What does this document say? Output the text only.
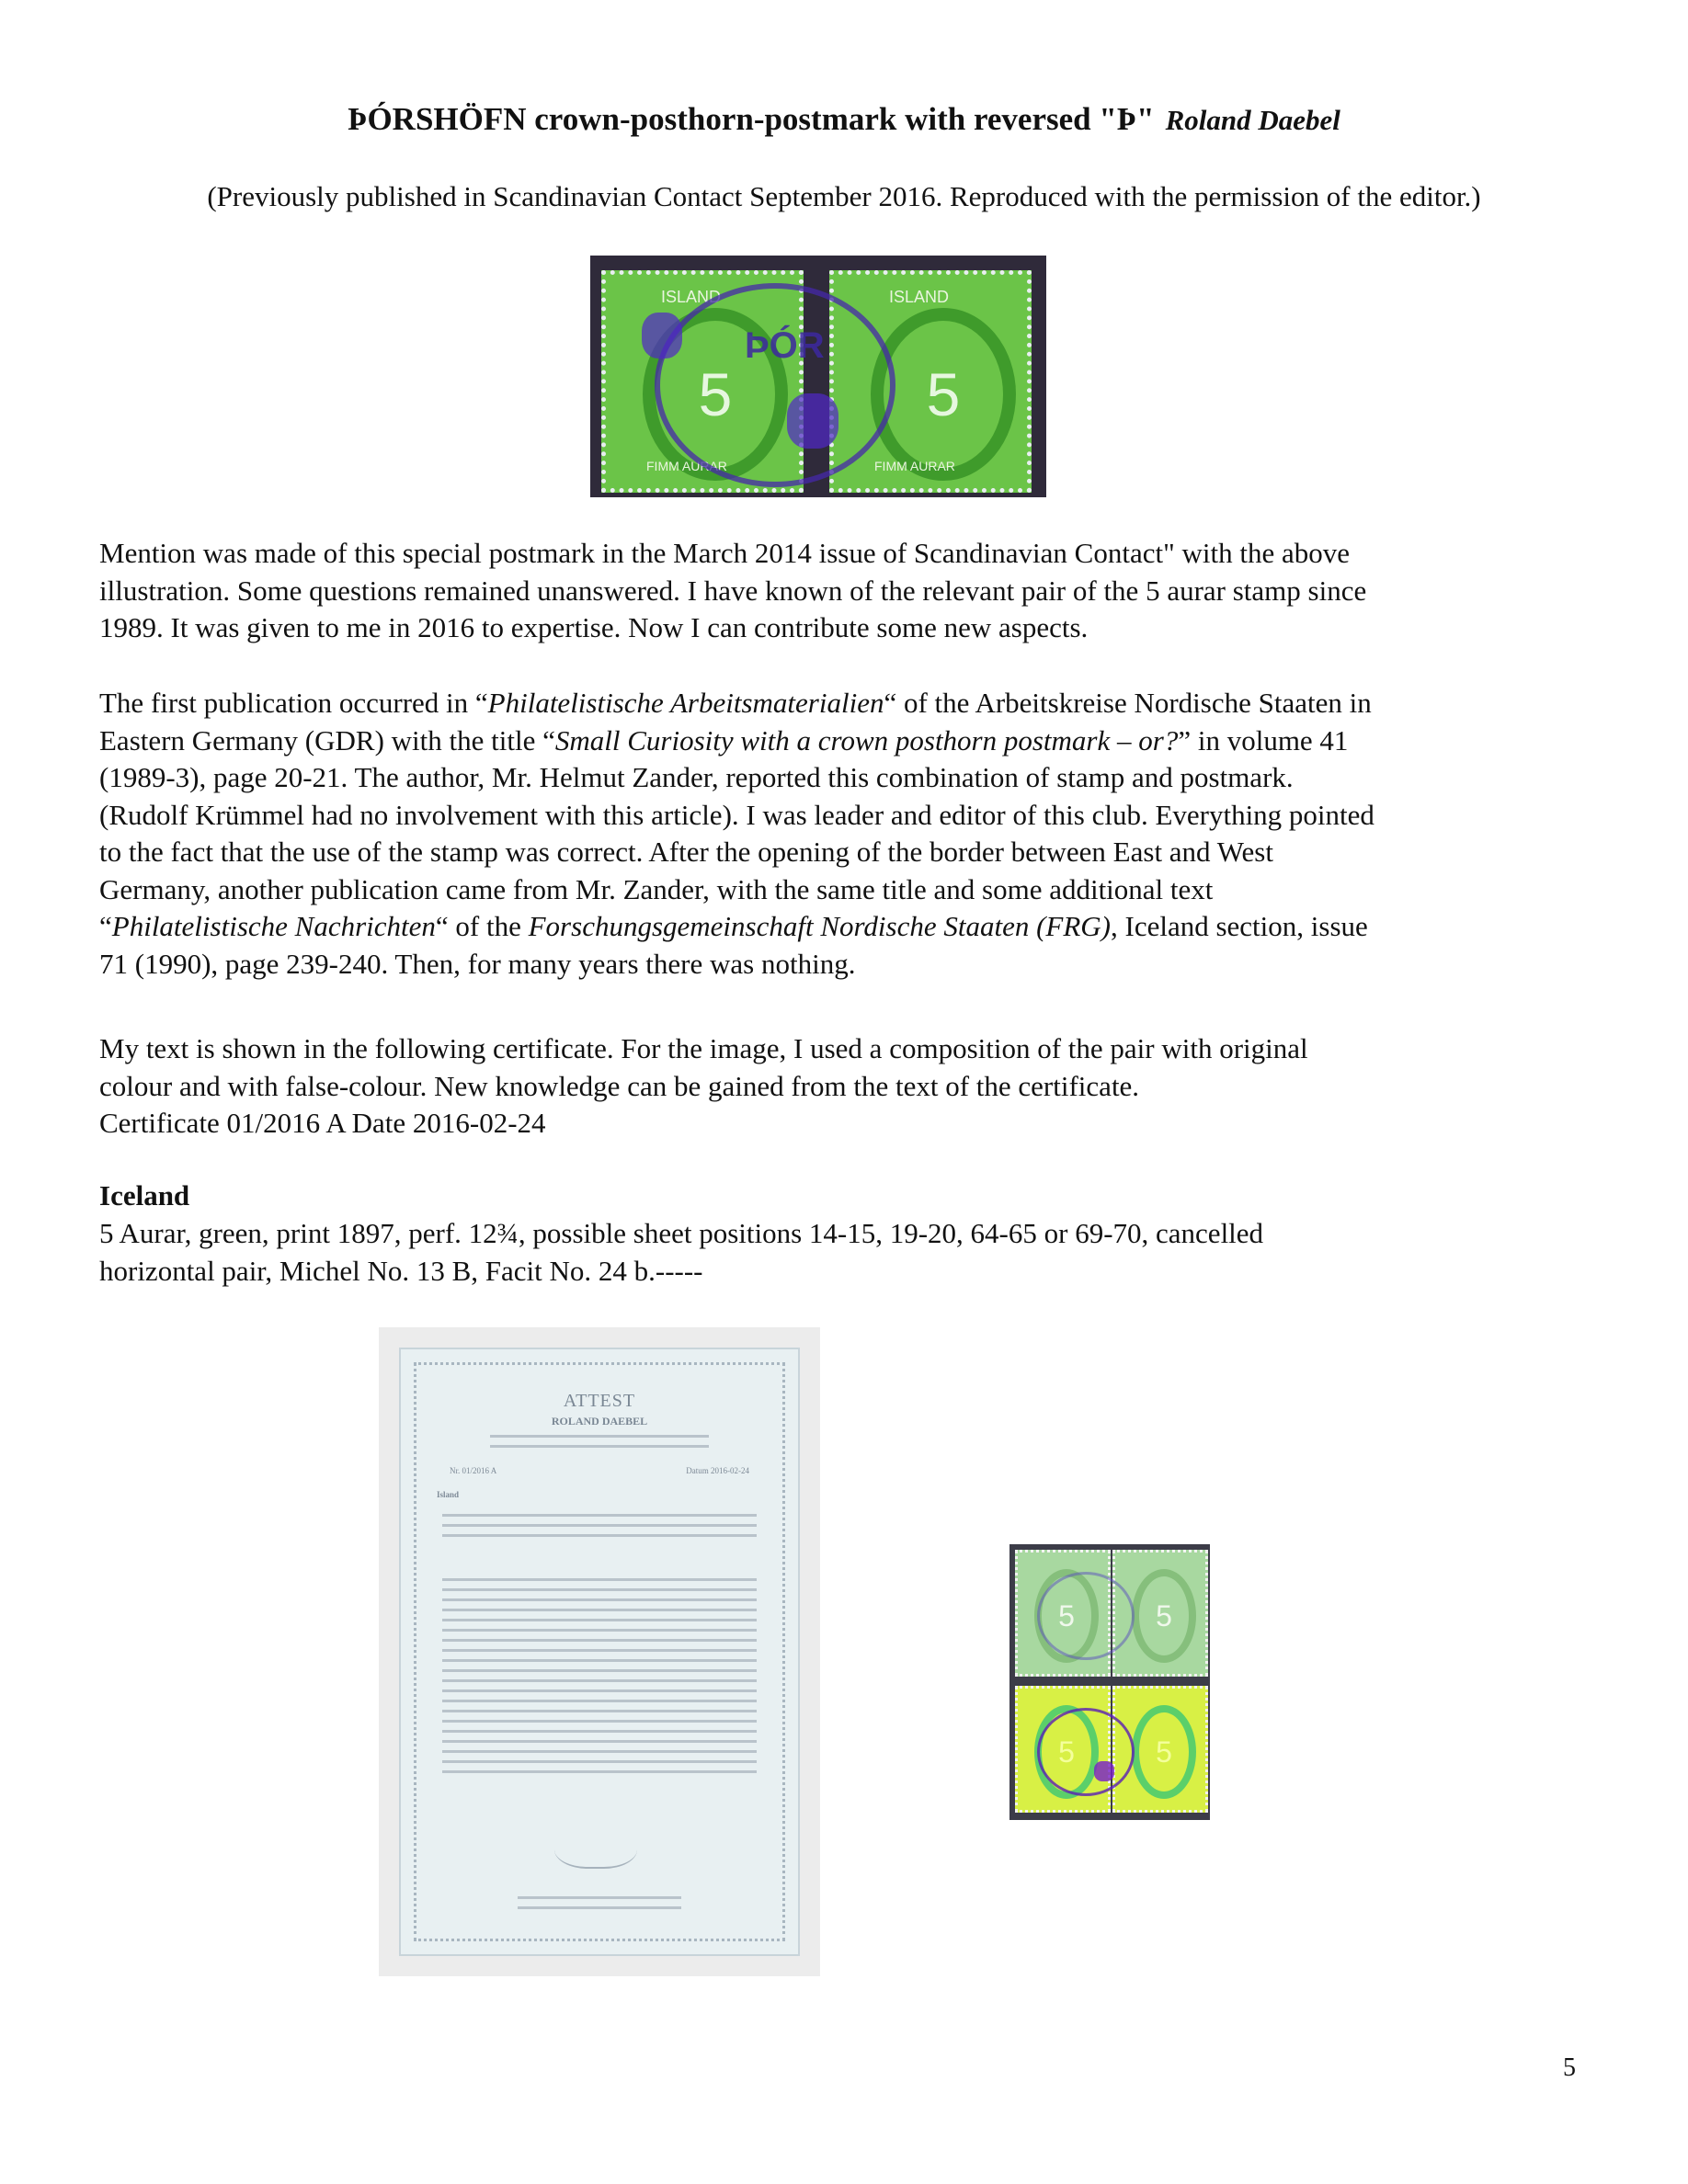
ÞÓRSHÖFN crown-posthorn-postmark with reversed "Þ" Roland Daebel
(Previously published in Scandinavian Contact September 2016. Reproduced with the permission of the editor.)
ISLAND
5
FIMM AURAR
ISLAND
5
FIMM AURAR
ÞÓR
Mention was made of this special postmark in the March 2014 issue of Scandinavian Contact" with the above
illustration. Some questions remained unanswered. I have known of the relevant pair of the 5 aurar stamp since
1989. It was given to me in 2016 to expertise. Now I can contribute some new aspects.
The first publication occurred in “Philatelistische Arbeitsmaterialien“ of the Arbeitskreise Nordische Staaten in
Eastern Germany (GDR) with the title “Small Curiosity with a crown posthorn postmark – or?” in volume 41
(1989-3), page 20-21. The author, Mr. Helmut Zander, reported this combination of stamp and postmark.
(Rudolf Krümmel had no involvement with this article). I was leader and editor of this club. Everything pointed
to the fact that the use of the stamp was correct. After the opening of the border between East and West
Germany, another publication came from Mr. Zander, with the same title and some additional text
“Philatelistische Nachrichten“ of the Forschungsgemeinschaft Nordische Staaten (FRG), Iceland section, issue
71 (1990), page 239-240. Then, for many years there was nothing.
My text is shown in the following certificate. For the image, I used a composition of the pair with original
colour and with false-colour. New knowledge can be gained from the text of the certificate.
Certificate 01/2016 A Date 2016-02-24
Iceland
5 Aurar, green, print 1897, perf. 12¾, possible sheet positions 14-15, 19-20, 64-65 or 69-70, cancelled
horizontal pair, Michel No. 13 B, Facit No. 24 b.-----
ATTEST
ROLAND DAEBEL
Nr. 01/2016 A	Datum 2016-02-24
Island
5	5
5	5
5
